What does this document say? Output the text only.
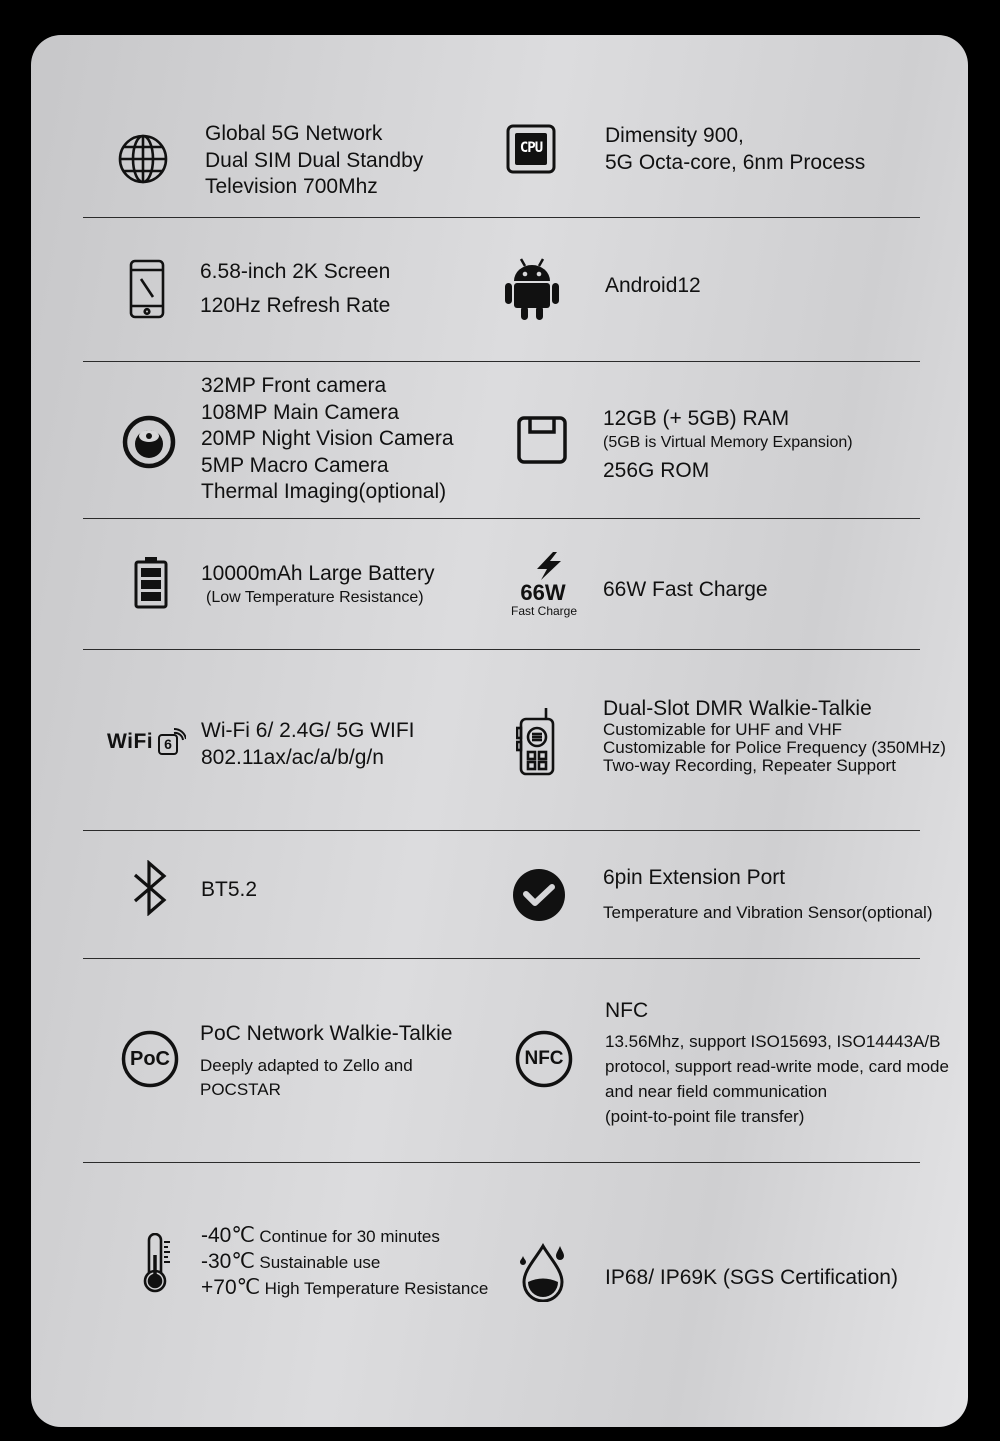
Global 5G Network
Dual SIM Dual Standby
Television 700Mhz
CPU
Dimensity 900,
5G Octa-core, 6nm Process
6.58-inch 2K Screen
120Hz Refresh Rate
Android12
32MP Front camera
108MP Main Camera
20MP Night Vision Camera
5MP Macro Camera
Thermal Imaging(optional)
12GB (+ 5GB) RAM
(5GB is Virtual Memory Expansion)
256G ROM
10000mAh Large Battery
(Low Temperature Resistance)	66W
Fast Charge
66W Fast Charge
WiFi 6
Wi-Fi 6/ 2.4G/ 5G WIFI
802.11ax/ac/a/b/g/n
Dual-Slot DMR Walkie-Talkie
Customizable for UHF and VHF
Customizable for Police Frequency (350MHz)
Two-way Recording, Repeater Support
BT5.2
6pin Extension Port
Temperature and Vibration Sensor(optional)
PoC
PoC Network Walkie-Talkie
Deeply adapted to Zello and
POCSTAR
NFC
NFC
13.56Mhz, support ISO15693, ISO14443A/B
protocol, support read-write mode, card mode
and near field communication
(point-to-point file transfer)
-40℃ Continue for 30 minutes
-30℃ Sustainable use
+70℃ High Temperature Resistance	IP68/ IP69K (SGS Certification)
